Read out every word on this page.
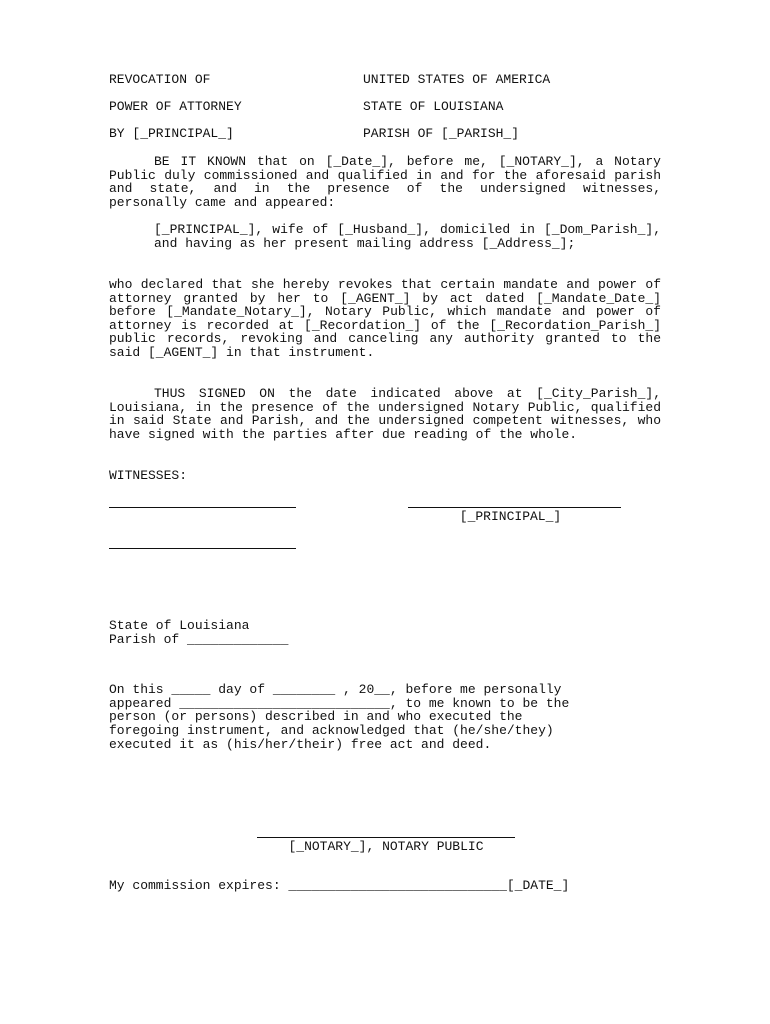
REVOCATION OF	UNITED STATES OF AMERICA
POWER OF ATTORNEY	STATE OF LOUISIANA
BY [_PRINCIPAL_]	PARISH OF [_PARISH_]
BE IT KNOWN that on [_Date_], before me, [_NOTARY_], a Notary Public duly commissioned and qualified in and for the aforesaid parish and state, and in the presence of the undersigned witnesses, personally came and appeared:
[_PRINCIPAL_], wife of [_Husband_], domiciled in [_Dom_Parish_], and having as her present mailing address [_Address_];
who declared that she hereby revokes that certain mandate and power of attorney granted by her to [_AGENT_] by act dated [_Mandate_Date_] before [_Mandate_Notary_], Notary Public, which mandate and power of attorney is recorded at [_Recordation_] of the [_Recordation_Parish_] public records, revoking and canceling any authority granted to the said [_AGENT_] in that instrument.
THUS SIGNED ON the date indicated above at [_City_Parish_], Louisiana, in the presence of the undersigned Notary Public, qualified in said State and Parish, and the undersigned competent witnesses, who have signed with the parties after due reading of the whole.
WITNESSES:
[_PRINCIPAL_]
State of Louisiana
Parish of _____________
On this _____ day of ________ , 20__, before me personally
appeared ___________________________, to me known to be the
person (or persons) described in and who executed the
foregoing instrument, and acknowledged that (he/she/they)
executed it as (his/her/their) free act and deed.
[_NOTARY_], NOTARY PUBLIC
My commission expires: ____________________________[_DATE_]
